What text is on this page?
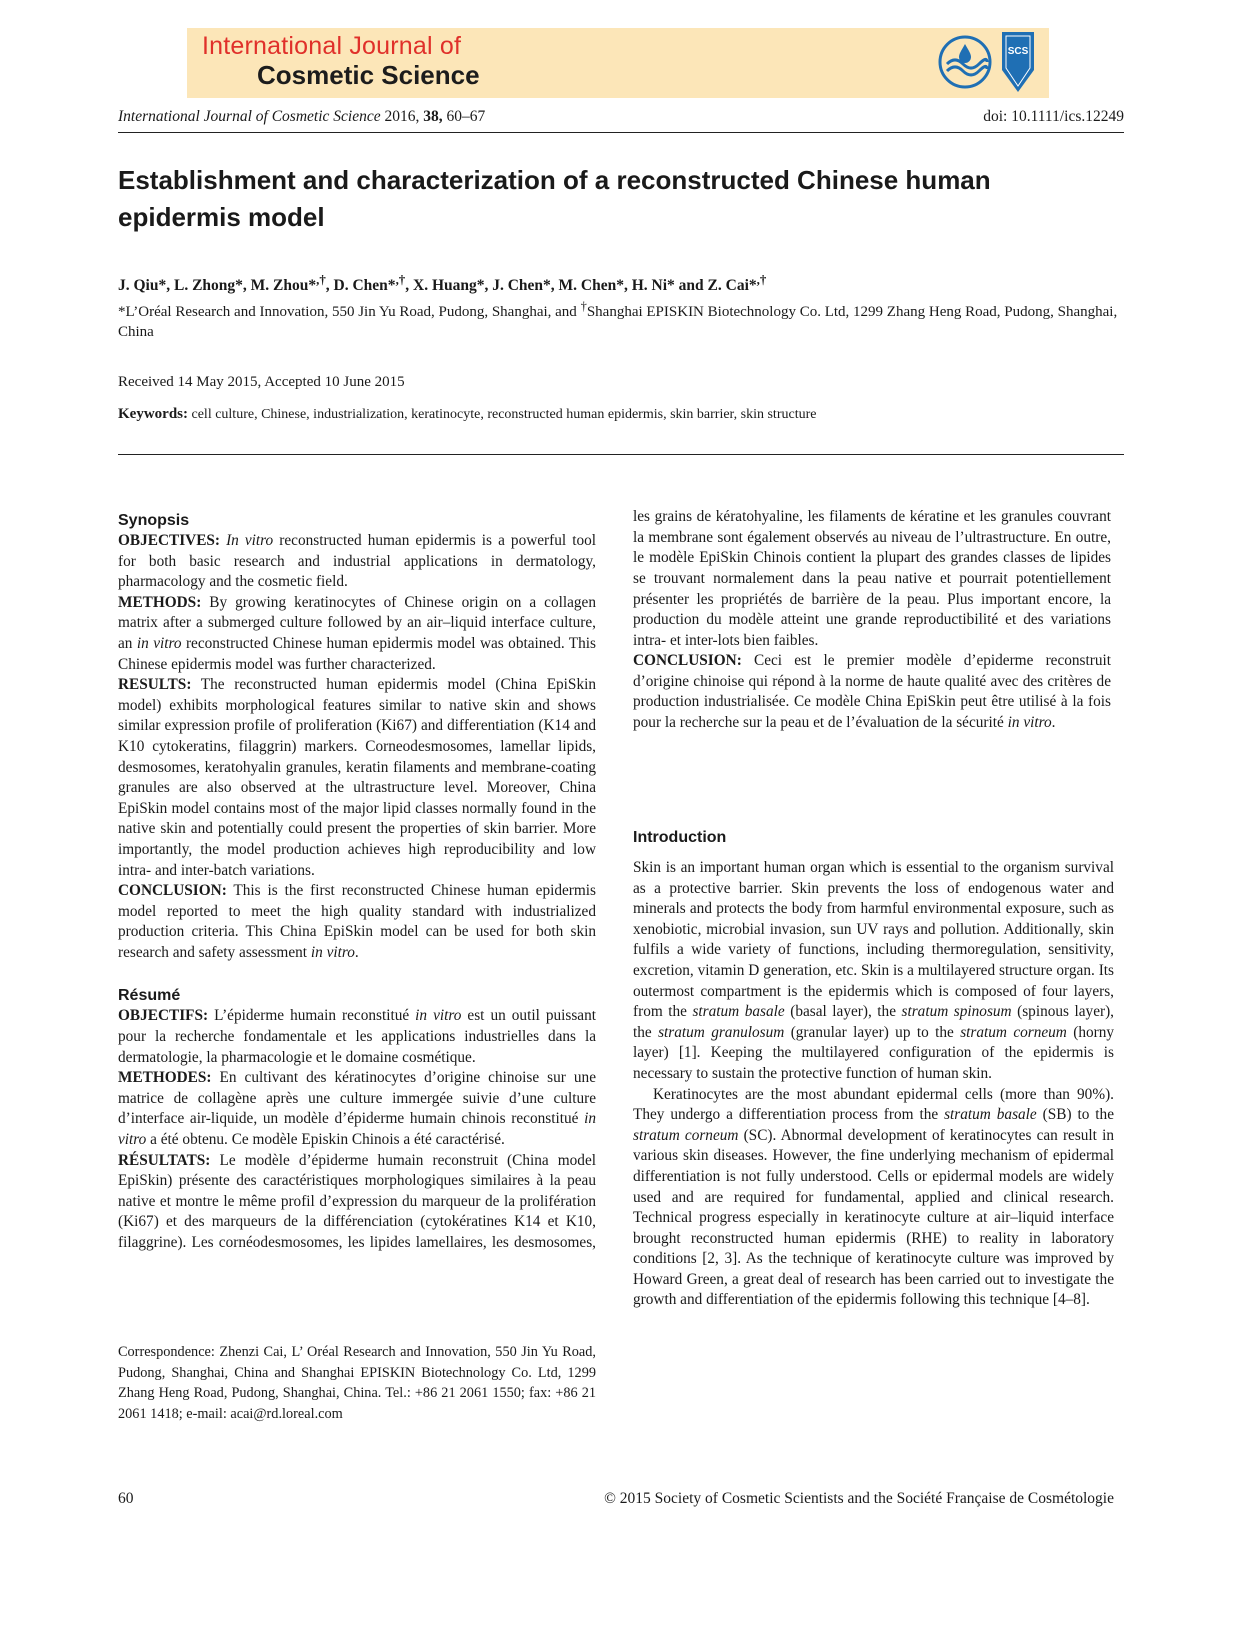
International Journal of
Cosmetic Science
SCS
International Journal of Cosmetic Science 2016, 38, 60–67	doi: 10.1111/ics.12249
Establishment and characterization of a reconstructed Chinese human epidermis model
J. Qiu*, L. Zhong*, M. Zhou*,†, D. Chen*,†, X. Huang*, J. Chen*, M. Chen*, H. Ni* and Z. Cai*,†
*L’Oréal Research and Innovation, 550 Jin Yu Road, Pudong, Shanghai, and †Shanghai EPISKIN Biotechnology Co. Ltd, 1299 Zhang Heng Road, Pudong, Shanghai, China
Received 14 May 2015, Accepted 10 June 2015
Keywords: cell culture, Chinese, industrialization, keratinocyte, reconstructed human epidermis, skin barrier, skin structure
Synopsis

OBJECTIVES: In vitro reconstructed human epidermis is a powerful tool for both basic research and industrial applications in dermatology, pharmacology and the cosmetic field.

METHODS: By growing keratinocytes of Chinese origin on a collagen matrix after a submerged culture followed by an air–liquid interface culture, an in vitro reconstructed Chinese human epidermis model was obtained. This Chinese epidermis model was further characterized.

RESULTS: The reconstructed human epidermis model (China EpiSkin model) exhibits morphological features similar to native skin and shows similar expression profile of proliferation (Ki67) and differentiation (K14 and K10 cytokeratins, filaggrin) markers. Corneodesmosomes, lamellar lipids, desmosomes, keratohyalin granules, keratin filaments and membrane-coating granules are also observed at the ultrastructure level. Moreover, China EpiSkin model contains most of the major lipid classes normally found in the native skin and potentially could present the properties of skin barrier. More importantly, the model production achieves high reproducibility and low intra- and inter-batch variations.

CONCLUSION: This is the first reconstructed Chinese human epidermis model reported to meet the high quality standard with industrialized production criteria. This China EpiSkin model can be used for both skin research and safety assessment in vitro.

Résumé

OBJECTIFS: L’épiderme humain reconstitué in vitro est un outil puissant pour la recherche fondamentale et les applications industrielles dans la dermatologie, la pharmacologie et le domaine cosmétique.

METHODES: En cultivant des kératinocytes d’origine chinoise sur une matrice de collagène après une culture immergée suivie d’une culture d’interface air-liquide, un modèle d’épiderme humain chinois reconstitué in vitro a été obtenu. Ce modèle Episkin Chinois a été caractérisé.

RÉSULTATS: Le modèle d’épiderme humain reconstruit (China model EpiSkin) présente des caractéristiques morphologiques similaires à la peau native et montre le même profil d’expression du marqueur de la prolifération (Ki67) et des marqueurs de la différenciation (cytokératines K14 et K10, filaggrine). Les cornéodesmosomes, les lipides lamellaires, les desmosomes,

les grains de kératohyaline, les filaments de kératine et les granules couvrant la membrane sont également observés au niveau de l’ultrastructure. En outre, le modèle EpiSkin Chinois contient la plupart des grandes classes de lipides se trouvant normalement dans la peau native et pourrait potentiellement présenter les propriétés de barrière de la peau. Plus important encore, la production du modèle atteint une grande reproductibilité et des variations intra- et inter-lots bien faibles.

CONCLUSION: Ceci est le premier modèle d’epiderme reconstruit d’origine chinoise qui répond à la norme de haute qualité avec des critères de production industrialisée. Ce modèle China EpiSkin peut être utilisé à la fois pour la recherche sur la peau et de l’évaluation de la sécurité in vitro.

Introduction

Skin is an important human organ which is essential to the organism survival as a protective barrier. Skin prevents the loss of endogenous water and minerals and protects the body from harmful environmental exposure, such as xenobiotic, microbial invasion, sun UV rays and pollution. Additionally, skin fulfils a wide variety of functions, including thermoregulation, sensitivity, excretion, vitamin D generation, etc. Skin is a multilayered structure organ. Its outermost compartment is the epidermis which is composed of four layers, from the stratum basale (basal layer), the stratum spinosum (spinous layer), the stratum granulosum (granular layer) up to the stratum corneum (horny layer) [1]. Keeping the multilayered configuration of the epidermis is necessary to sustain the protective function of human skin.

Keratinocytes are the most abundant epidermal cells (more than 90%). They undergo a differentiation process from the stratum basale (SB) to the stratum corneum (SC). Abnormal development of keratinocytes can result in various skin diseases. However, the fine underlying mechanism of epidermal differentiation is not fully understood. Cells or epidermal models are widely used and are required for fundamental, applied and clinical research. Technical progress especially in keratinocyte culture at air–liquid interface brought reconstructed human epidermis (RHE) to reality in laboratory conditions [2, 3]. As the technique of keratinocyte culture was improved by Howard Green, a great deal of research has been carried out to investigate the growth and differentiation of the epidermis following this technique [4–8].

Correspondence: Zhenzi Cai, L’ Oréal Research and Innovation, 550 Jin Yu Road, Pudong, Shanghai, China and Shanghai EPISKIN Biotechnology Co. Ltd, 1299 Zhang Heng Road, Pudong, Shanghai, China. Tel.: +86 21 2061 1550; fax: +86 21 2061 1418; e-mail: acai@rd.loreal.com
60	© 2015 Society of Cosmetic Scientists and the Société Française de Cosmétologie
